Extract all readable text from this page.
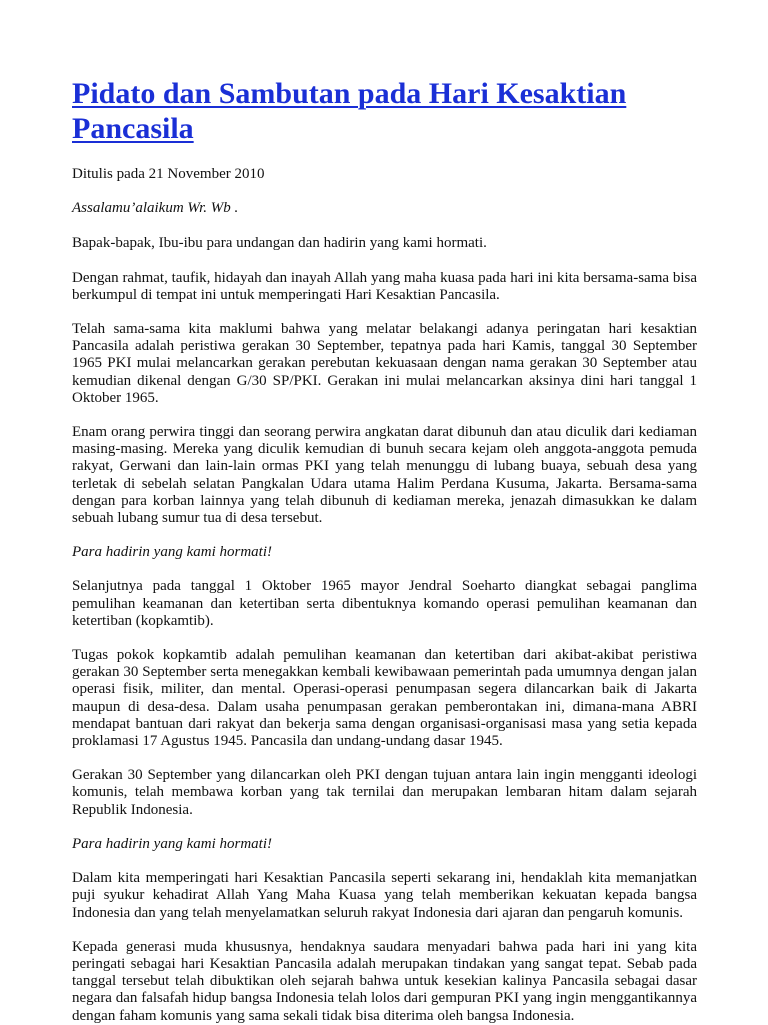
Pidato dan Sambutan pada Hari Kesaktian Pancasila

Ditulis pada 21 November 2010

Assalamu’alaikum Wr. Wb .

Bapak-bapak, Ibu-ibu para undangan dan hadirin yang kami hormati.

Dengan rahmat, taufik, hidayah dan inayah Allah yang maha kuasa pada hari ini kita bersama-sama bisa berkumpul di tempat ini untuk memperingati Hari Kesaktian Pancasila.

Telah sama-sama kita maklumi bahwa yang melatar belakangi adanya peringatan hari kesaktian Pancasila adalah peristiwa gerakan 30 September, tepatnya pada hari Kamis, tanggal 30 September 1965 PKI mulai melancarkan gerakan perebutan kekuasaan dengan nama gerakan 30 September atau kemudian dikenal dengan G/30 SP/PKI. Gerakan ini mulai melancarkan aksinya dini hari tanggal 1 Oktober 1965.

Enam orang perwira tinggi dan seorang perwira angkatan darat dibunuh dan atau diculik dari kediaman masing-masing. Mereka yang diculik kemudian di bunuh secara kejam oleh anggota-anggota pemuda rakyat, Gerwani dan lain-lain ormas PKI yang telah menunggu di lubang buaya, sebuah desa yang terletak di sebelah selatan Pangkalan Udara utama Halim Perdana Kusuma, Jakarta. Bersama-sama dengan para korban lainnya yang telah dibunuh di kediaman mereka, jenazah dimasukkan ke dalam sebuah lubang sumur tua di desa tersebut.

Para hadirin yang kami hormati!

Selanjutnya pada tanggal 1 Oktober 1965 mayor Jendral Soeharto diangkat sebagai panglima pemulihan keamanan dan ketertiban serta dibentuknya komando operasi pemulihan keamanan dan ketertiban (kopkamtib).

Tugas pokok kopkamtib adalah pemulihan keamanan dan ketertiban dari akibat-akibat peristiwa gerakan 30 September serta menegakkan kembali kewibawaan pemerintah pada umumnya dengan jalan operasi fisik, militer, dan mental. Operasi-operasi penumpasan segera dilancarkan baik di Jakarta maupun di desa-desa. Dalam usaha penumpasan gerakan pemberontakan ini, dimana-mana ABRI mendapat bantuan dari rakyat dan bekerja sama dengan organisasi-organisasi masa yang setia kepada proklamasi 17 Agustus 1945. Pancasila dan undang-undang dasar 1945.

Gerakan 30 September yang dilancarkan oleh PKI dengan tujuan antara lain ingin mengganti ideologi komunis, telah membawa korban yang tak ternilai dan merupakan lembaran hitam dalam sejarah Republik Indonesia.

Para hadirin yang kami hormati!

Dalam kita memperingati hari Kesaktian Pancasila seperti sekarang ini, hendaklah kita memanjatkan puji syukur kehadirat Allah Yang Maha Kuasa yang telah memberikan kekuatan kepada bangsa Indonesia dan yang telah menyelamatkan seluruh rakyat Indonesia dari ajaran dan pengaruh komunis.

Kepada generasi muda khususnya, hendaknya saudara menyadari bahwa pada hari ini yang kita peringati sebagai hari Kesaktian Pancasila adalah merupakan tindakan yang sangat tepat. Sebab pada tanggal tersebut telah dibuktikan oleh sejarah bahwa untuk kesekian kalinya Pancasila sebagai dasar negara dan falsafah hidup bangsa Indonesia telah lolos dari gempuran PKI yang ingin menggantikannya dengan faham komunis yang sama sekali tidak bisa diterima oleh bangsa Indonesia.
